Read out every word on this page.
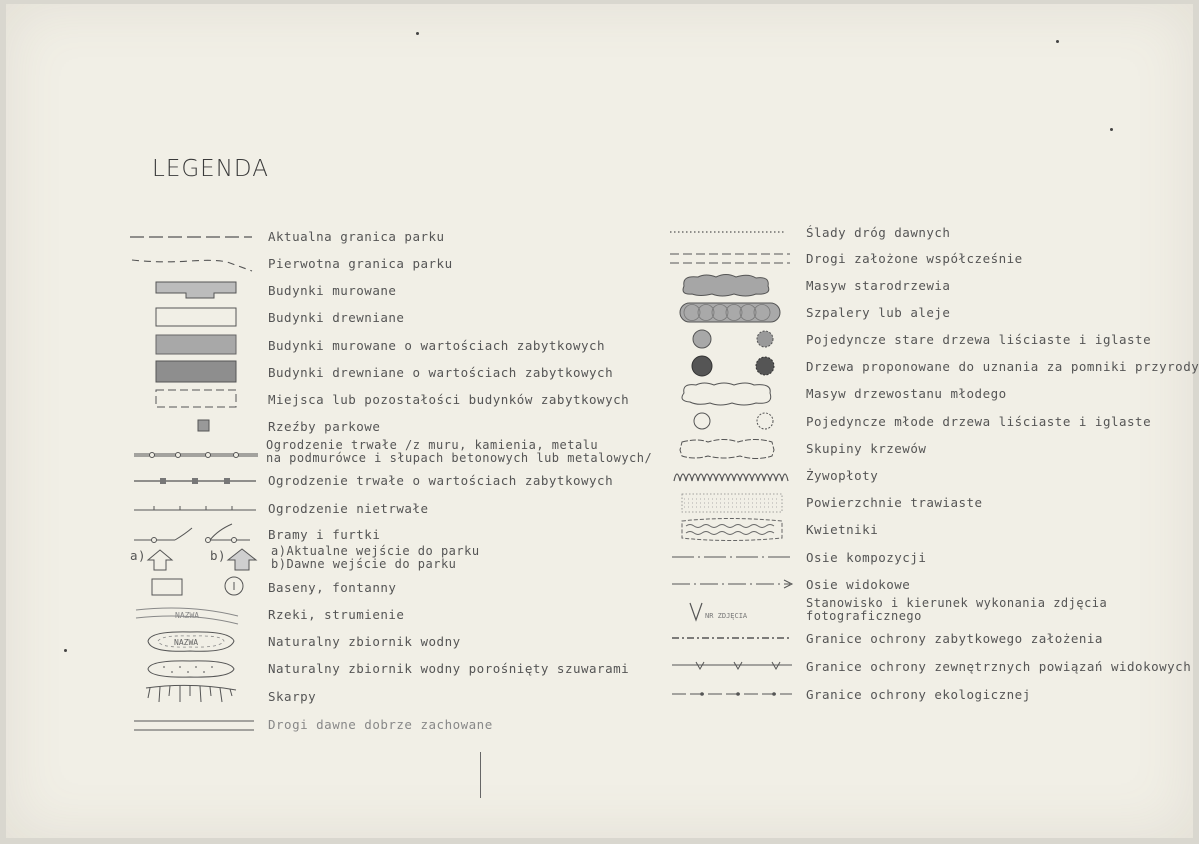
LEGENDA
Aktualna granica parku
Pierwotna granica parku
Budynki murowane
Budynki drewniane
Budynki murowane o wartościach zabytkowych
Budynki drewniane o wartościach zabytkowych
Miejsca lub pozostałości budynków zabytkowych
Rzeźby parkowe
Ogrodzenie trwałe /z muru, kamienia, metalu
na podmurówce i słupach betonowych lub metalowych/
Ogrodzenie trwałe o wartościach zabytkowych
Ogrodzenie nietrwałe
Bramy i furtki
a)	b)	a)Aktualne wejście do parku
b)Dawne wejście do parku
Baseny, fontanny
NAZWA	Rzeki, strumienie
NAZWA	Naturalny zbiornik wodny
Naturalny zbiornik wodny porośnięty szuwarami
Skarpy
Drogi dawne dobrze zachowane
Ślady dróg dawnych
Drogi założone współcześnie
Masyw starodrzewia
Szpalery lub aleje
Pojedyncze stare drzewa liściaste i iglaste
Drzewa proponowane do uznania za pomniki przyrody
Masyw drzewostanu młodego
Pojedyncze młode drzewa liściaste i iglaste
Skupiny krzewów
Żywopłoty
Powierzchnie trawiaste
Kwietniki
Osie kompozycji
Osie widokowe
NR ZDJĘCIA
Stanowisko i kierunek wykonania zdjęcia
fotograficznego
Granice ochrony zabytkowego założenia
Granice ochrony zewnętrznych powiązań widokowych
Granice ochrony ekologicznej
